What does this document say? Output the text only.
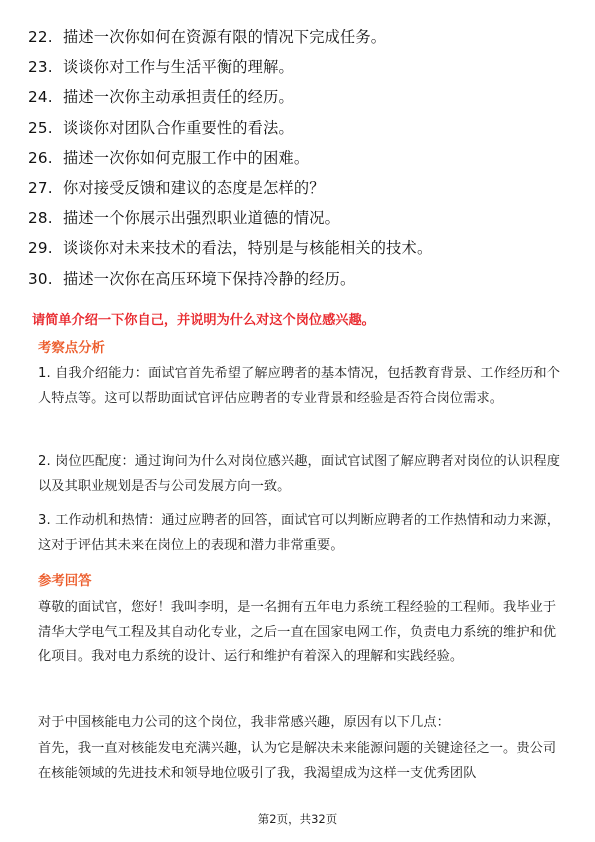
22. 描述一次你如何在资源有限的情况下完成任务。
23. 谈谈你对工作与生活平衡的理解。
24. 描述一次你主动承担责任的经历。
25. 谈谈你对团队合作重要性的看法。
26. 描述一次你如何克服工作中的困难。
27. 你对接受反馈和建议的态度是怎样的？
28. 描述一个你展示出强烈职业道德的情况。
29. 谈谈你对未来技术的看法，特别是与核能相关的技术。
30. 描述一次你在高压环境下保持冷静的经历。
请简单介绍一下你自己，并说明为什么对这个岗位感兴趣。
考察点分析
1. 自我介绍能力：面试官首先希望了解应聘者的基本情况，包括教育背景、工作经历和个人特点等。这可以帮助面试官评估应聘者的专业背景和经验是否符合岗位需求。
2. 岗位匹配度：通过询问为什么对岗位感兴趣，面试官试图了解应聘者对岗位的认识程度以及其职业规划是否与公司发展方向一致。
3. 工作动机和热情：通过应聘者的回答，面试官可以判断应聘者的工作热情和动力来源，这对于评估其未来在岗位上的表现和潜力非常重要。
参考回答
尊敬的面试官，您好！我叫李明，是一名拥有五年电力系统工程经验的工程师。我毕业于清华大学电气工程及其自动化专业，之后一直在国家电网工作，负责电力系统的维护和优化项目。我对电力系统的设计、运行和维护有着深入的理解和实践经验。
对于中国核能电力公司的这个岗位，我非常感兴趣，原因有以下几点：
首先，我一直对核能发电充满兴趣，认为它是解决未来能源问题的关键途径之一。贵公司在核能领域的先进技术和领导地位吸引了我，我渴望成为这样一支优秀团队
第2页，共32页
